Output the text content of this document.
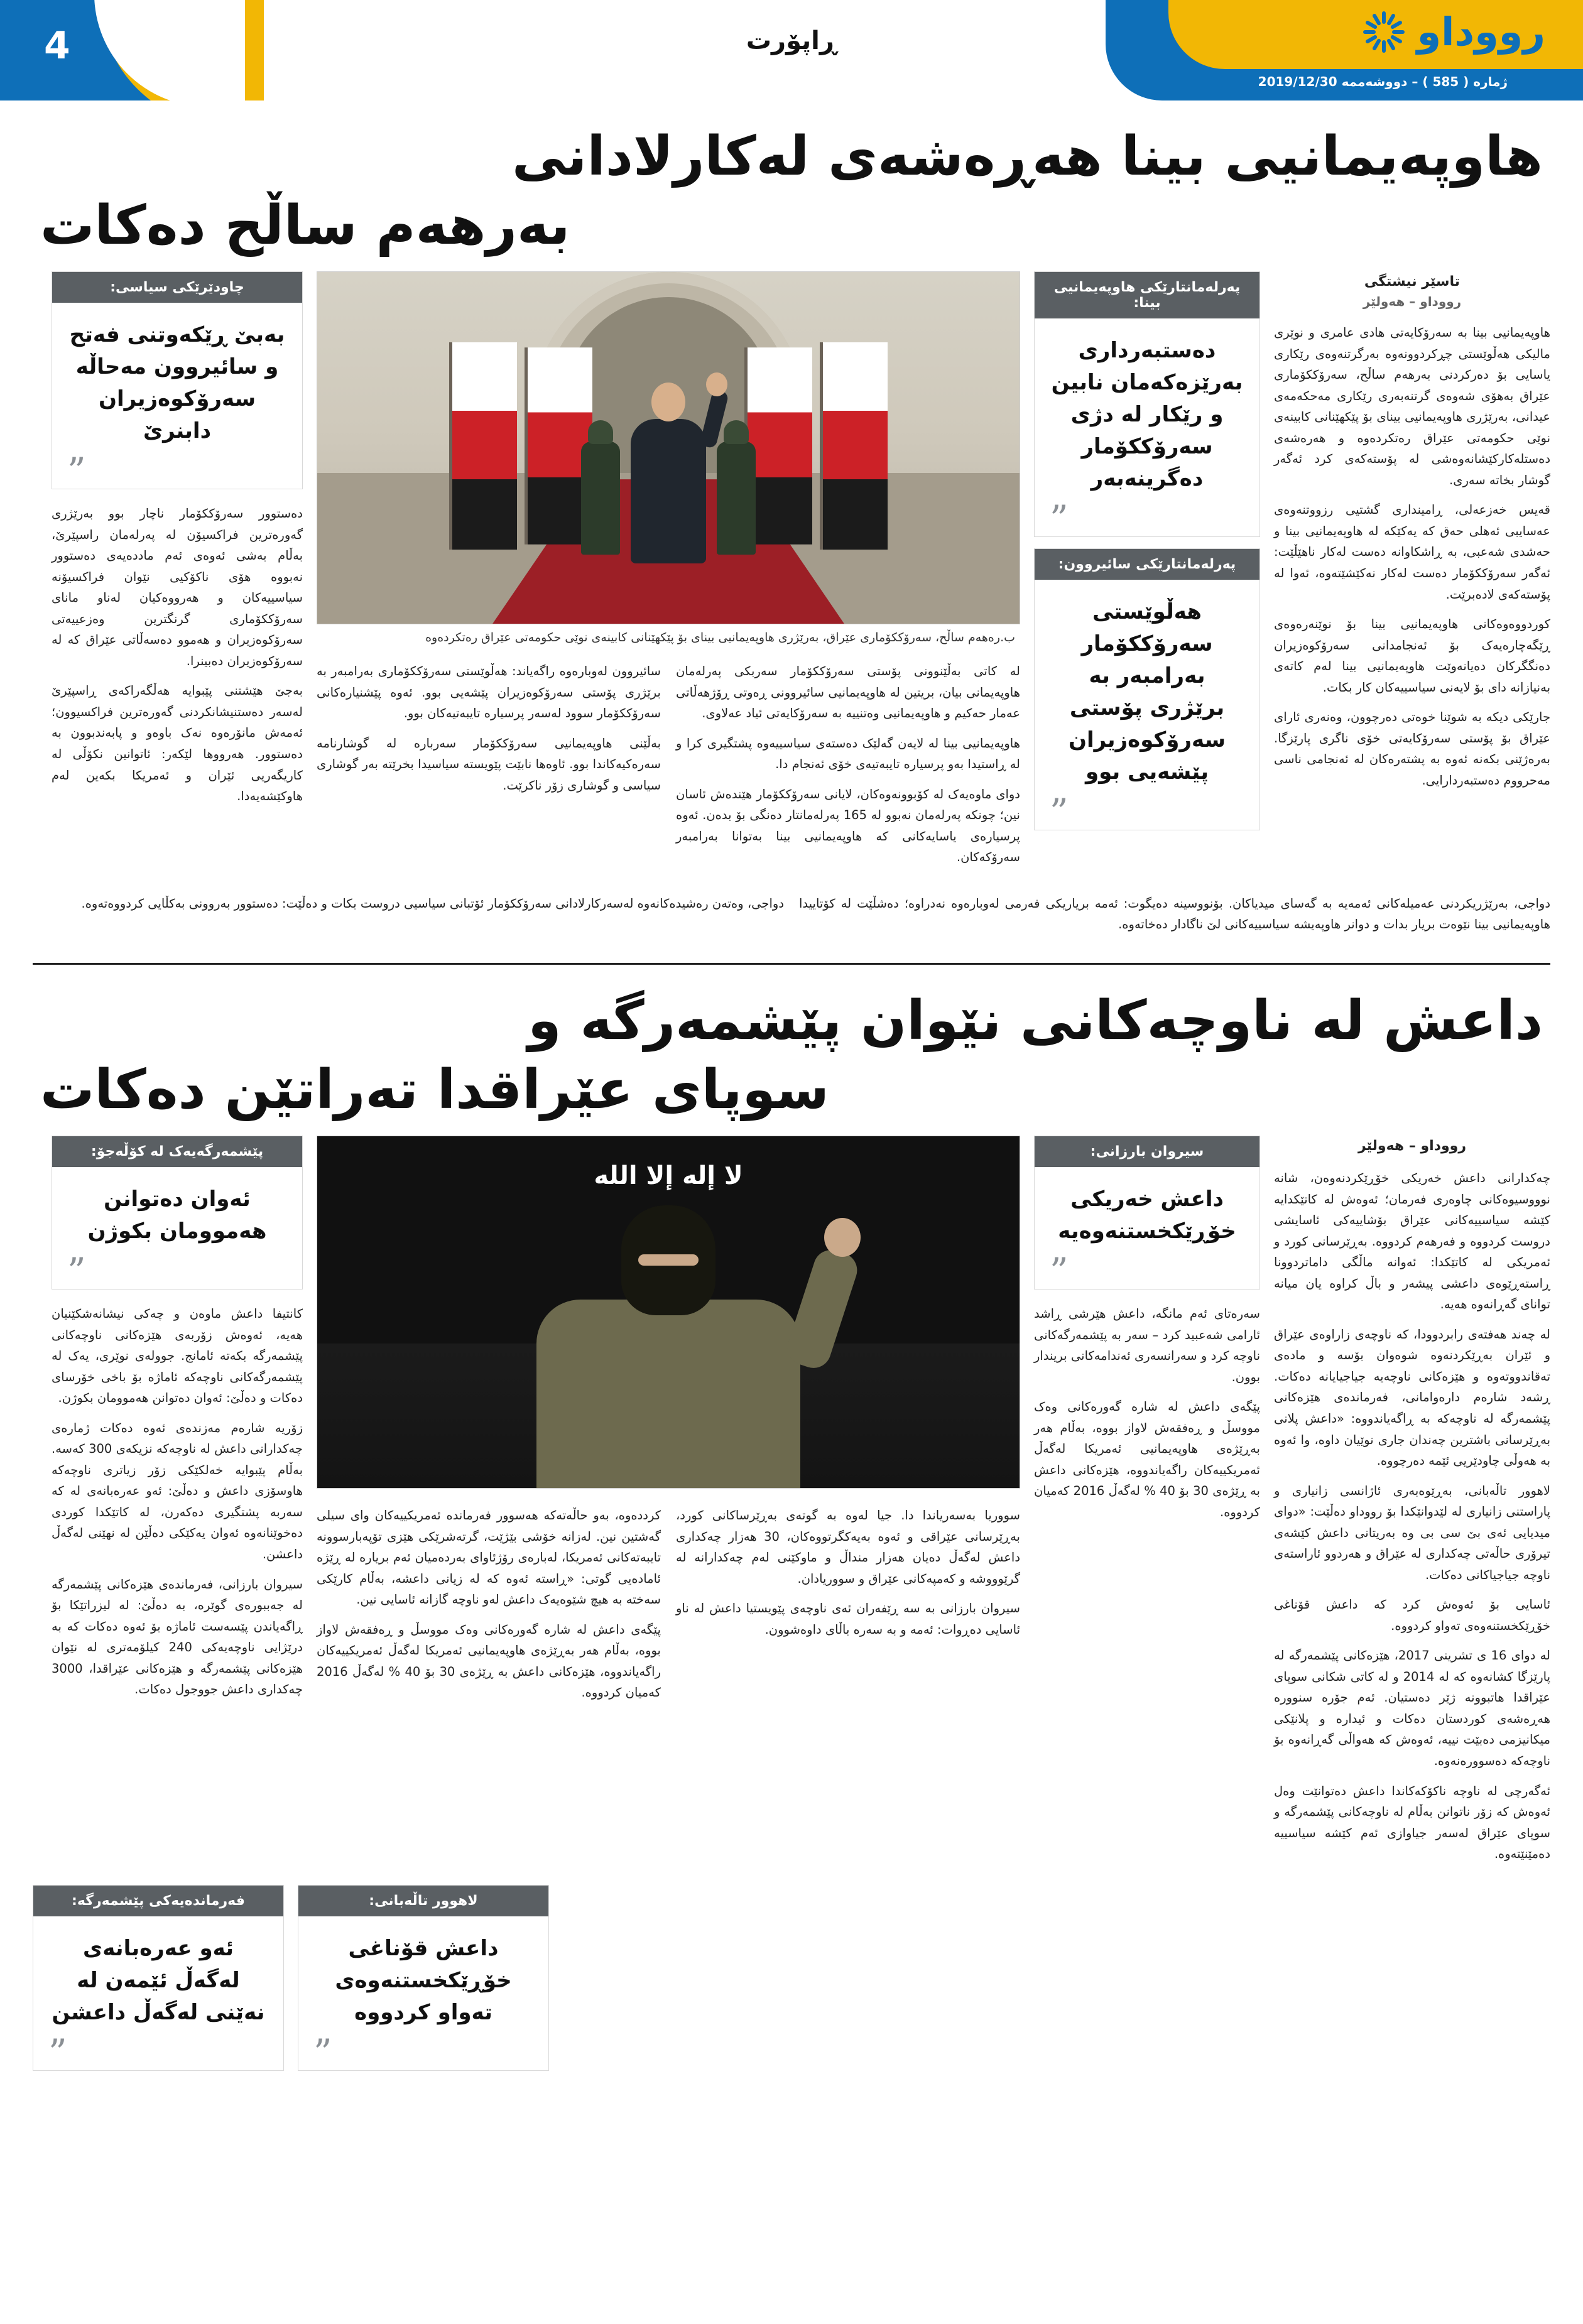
4	ڕاپۆرت	رووداو
ژماره‌ ( 585 ) – دووشه‌ممه‌ 2019/12/30
هاوپه‌یمانیی بینا هه‌ڕه‌شه‌ی له‌کارلادانی
به‌رهه‌م ساڵح ده‌کات
تاسێر نیشتگی
رووداو – هه‌ولێر

هاوپه‌یمانیی بینا به‌ سه‌رۆکایه‌تی هادی عامری و نوێری مالیکی هه‌ڵوێستی چڕکردوونه‌وه‌ به‌رگرتنه‌وه‌ی رێکاری یاسایی بۆ ده‌رکردنی به‌رهه‌م ساڵح، سه‌رۆککۆماری عێراق به‌هۆی شه‌وه‌ی گرتنه‌به‌ری رێکاری مه‌حکه‌مه‌ی عیدانی، به‌رێژری هاوپه‌یمانیی بینای بۆ پێکهێنانی کابینه‌ی نوێی حکومه‌تی عێراق ره‌تکرده‌وه‌ و هه‌ره‌شه‌ی ده‌ستلەکارکێشانه‌وه‌شی له‌ پۆستەکه‌ی کرد ئه‌گه‌ر گوشار بخاته‌ سه‌ری.

قەیس خه‌زعه‌لی، ڕامینداری گشتیی رزووتنه‌وه‌ی عه‌سایبی ئه‌هلی حه‌ق که‌ یه‌کێکه‌ له‌ هاوپه‌یمانیی بینا و حه‌شدی شه‌عبی، به‌ ڕاشکاوانه‌ ده‌ست له‌کار ناهێڵێت: ئه‌گه‌ر سه‌رۆککۆمار ده‌ست له‌کار نه‌کێشێتەوە، ئه‌وا له‌ پۆستەکه‌ی لادەبرێت.

کوردووەوه‌کانی هاوپه‌یمانیی بینا بۆ نوێنەرەوه‌ی ڕێگەچارەیه‌ک بۆ ئه‌نجامدانی سه‌رۆکوه‌زیران ده‌نگگرکان ده‌یانەوێت هاوپه‌یمانیی بینا له‌م کاتەی بەنیازانه‌ دای بۆ لایەنی سیاسییه‌کان کار بکات.

جارێکی دیکه‌ به‌ شوێنا خوەتی ده‌رچوون، وەنەری ئارای عێراق بۆ پۆستی سه‌رۆکایه‌تی خۆی ناگری پارێزگا. به‌ره‌ژێنی بکەنه‌ ئەوه‌ به‌ پشتەرەکان له‌ ئه‌نجامی ناسی مەحرووم ده‌ستبه‌ردارایی.

په‌رله‌مانتارێکی هاوپه‌یمانیی بینا:
ده‌ستبه‌رداری به‌رێزه‌که‌مان نابین و رێکار له‌ دژی سه‌رۆککۆمار ده‌گرینه‌به‌ر
”
په‌رله‌مانتارێکی سائیروون:
هه‌ڵوێستی سه‌رۆککۆمار به‌رامبه‌ر به‌ برێژری پۆستی سه‌رۆکوه‌زیران پێشه‌یی بوو
”
ب.ره‌هه‌م ساڵح، سه‌رۆککۆماری عێراق، به‌رێژری هاوپه‌یمانیی بینای بۆ پێکهێنانی کابینه‌ی نوێی حکومه‌تی عێراق ره‌تکرده‌وه‌

له‌ کاتی به‌ڵێنوونی پۆستی سه‌رۆککۆمار سه‌ربکی په‌رله‌مان هاوپه‌یمانی بیان، بریتین له‌ هاوپه‌یمانیی سائیروونی ڕەوتی ڕۆژهه‌ڵاتی عه‌مار حه‌کیم و هاوپه‌یمانیی وه‌تنییه‌ به‌ سه‌رۆکایه‌تی ئیاد عه‌لاوی.

هاوپه‌یمانیی بینا له‌ لایه‌ن گه‌لێک ده‌سته‌ی سیاسییه‌وه‌ پشتگیری کرا و له‌ ڕاستیدا به‌و پرسیاره‌ تایبه‌تیه‌ی خۆی ئه‌نجام دا.

دوای ماوه‌یه‌ک له‌ کۆبوونه‌وه‌کان، لایانی سه‌رۆککۆمار هێندەش ئاسان نین؛ چونکه‌ په‌رله‌مان نەبوو له‌ 165 په‌رله‌مانتار ده‌نگی بۆ بدەن. ئه‌وه‌ پرسیاره‌ی یاسایه‌کانی که‌ هاوپه‌یمانیی بینا بەتوانا به‌رامبه‌ر سه‌رۆکه‌کان.

سائیروون لەوبارەوە راگه‌یاند: هه‌ڵوێستی سه‌رۆککۆماری به‌رامبه‌ر به‌ برێژری پۆستی سه‌رۆکوه‌زیران پێشه‌یی بوو. ئه‌وه‌ پێشنیاره‌کانی سه‌رۆککۆمار سوود له‌سه‌ر پرسیاره‌ تایبه‌تیه‌کان بوو.

به‌ڵێنی هاوپه‌یمانیی سه‌رۆککۆمار سه‌ربارە له‌ گوشارنامه‌ سه‌ره‌کیه‌کاندا بوو. ئاوه‌ها نابێت پێویسته‌ سیاسیدا بخرێته‌ به‌ر گوشاری سیاسی و گوشاری زۆر ناکرێت.

چاودێرێکی سیاسی:
به‌بێ ڕێکه‌وتنی فه‌تح و سائیروون مه‌حاڵه‌ سه‌رۆکوه‌زیران دابنرێ
”

ده‌ستوور سه‌رۆککۆمار ناچار بوو به‌رێژری گه‌ورەترین فراکسیۆن له‌ په‌رله‌مان راسپێرێ، به‌ڵام به‌شی ئه‌وه‌ی ئه‌م ماددەیه‌ی ده‌ستوور نه‌بووه‌ هۆی ناکۆکیی نێوان فراکسیۆنه‌ سیاسییه‌کان و هه‌رووه‌کیان له‌ناو مانای سه‌رۆککۆماری گرنگترین وه‌زعییه‌تی سه‌رۆکوه‌زیران و هه‌موو ده‌سه‌ڵاتی عێراق که‌ له‌ سه‌رۆکوه‌زیران ده‌بینرا.

بەجێ هێشتنی پێبوایه‌ هه‌ڵگه‌راکه‌ی ڕاسپێرێ له‌سه‌ر ده‌ستنیشانکردنی گه‌ورەترین فراکسیوون؛ ئه‌مه‌ش مانۆرەوە نه‌ک باوەو و پابه‌ندبوون به‌ ده‌ستوور. هه‌رووها لێکه‌ر: ئاتوانین نکۆڵی له‌ کاریگه‌ریی ئێران و ئه‌مریکا بکه‌ین له‌م هاوکێشه‌یه‌دا.

دواجی، به‌رێژریکردنی عه‌میلەکانی ئه‌مه‌یه‌ به‌ گەسای میدیاکان. بۆنووسینە ده‌یگوت: ئه‌مه‌ بریاریکی فه‌رمی لەوبارەوه‌ نه‌دراوه‌؛ ده‌شڵێت له‌ کۆتاییدا هاوپه‌یمانیی بینا نێوەت بریار بدات و دوانر هاوپه‌یشه‌ سیاسییه‌کانی لێ ناگادار دەخاتەوە.

دواجی، وەتەن رەشیدەکانەوه‌ له‌سه‌رکارلادانی سه‌رۆککۆمار ئۆتبانی سیاسیی دروست بکات و ده‌ڵێت: ده‌ستوور به‌روونی به‌کڵایی کردووەته‌وه‌.

داعش له‌ ناوچه‌کانی نێوان پێشمه‌رگه‌ و
سوپای عێراقدا ته‌راتێن ده‌کات
رووداو – هه‌ولێر

چه‌کدارانی داعش خه‌ریکی خۆڕێکردنه‌وه‌ن، شانە نوووسیوه‌کانی چاوەری فه‌رمان؛ ئه‌وەش له‌ کاتێکدایه‌ کێشه‌ سیاسییه‌کانی عێراق بۆشاییه‌کی ئاسایشی دروست کردووه‌ و فه‌رهه‌م کردووه‌. به‌ڕێرسانی کورد و ئه‌مریکی له‌ کاتێکدا: ئه‌وانه‌ ماڵگی داماتردوونا ڕاستەڕێوه‌ی داعشی پیشه‌ر و باڵ کراوه‌ یان میانه‌ توانای گه‌ڕانه‌وه‌ هه‌یه‌.

له‌ چه‌ند هه‌فته‌ی رابردوودا، که‌ ناوچه‌ی زاراوه‌ی عێراق و ئێران به‌ڕێکردنه‌وه‌ شوەوان بۆسه‌ و ماده‌ی تەقاندووتەوه‌ و هێزەکانی ناوچه‌یه‌ جیاجیایانه‌ ده‌کات. ڕشەد شارەم دارەوامانی، فه‌رمانده‌ی هێزەکانی پێشمه‌رگه‌ له‌ ناوچه‌که‌ به‌ ڕاگه‌یاندووه‌: «داعش پلانی به‌ڕێرسانی باشترین چه‌ندان جاری نوێیان داوه‌، وا ئه‌وه‌ به‌ هه‌وڵی چاودێریی ئێمه‌ ده‌رچووه‌.

لاهوور تاڵه‌بانی، به‌ڕێوەبه‌ری ئاژانسی زانیاری و پاراستنی زانیاری له‌ لێدوانێکدا بۆ رووداو ده‌ڵێت: «دوای میدیایی ئه‌ی بێ سی بی وه‌ به‌ریتانی داعش کێشه‌ی تیرۆری حاڵه‌تی چه‌کداری له‌ عێراق و هه‌ردوو ئاراسته‌ی ناوچه‌ جیاجیاکانی ده‌کات.

ئاسایی بۆ ئه‌وه‌ش کرد که‌ داعش قۆناغی خۆڕێکخستنه‌وه‌ی ته‌واو کردووه‌.

له‌ دوای 16 ی تشرینی 2017، هێزەکانی پێشمه‌رگه‌ له‌ پارێزگا کشانه‌وه‌ که‌ له‌ 2014 و له‌ کاتی شکانی سوپای عێراقدا هاتبوونە ژێر ده‌ستیان. ئه‌م جۆره‌ سنوورە هه‌ڕەشه‌ی کوردستان ده‌کات و ئیدارە و پلانێکی میکانیزمی ده‌بێت نییه‌، ئه‌وەش که‌ هه‌واڵی گه‌ڕانه‌وه‌ بۆ ناوچه‌که‌ ده‌سوورەنەوە.

ئه‌گه‌رچی له‌ ناوچه‌ ناکۆکه‌کاندا داعش ده‌توانێت وه‌ل ئه‌وه‌ش که‌ زۆر ناتوانن به‌ڵام له‌ ناوچه‌کانی پێشمه‌رگه‌ و سوپای عێراق له‌سه‌ر جیاوازی ئه‌م کێشه‌ سیاسییه‌ ده‌مێنێتەوە.

سیروان بارزانی:
داعش خه‌ریکی خۆڕێکخستنه‌وه‌یه‌
”

سه‌ره‌تای ئه‌م مانگه‌، داعش هێرشی ڕاشد ئارامی شه‌عبید کرد – سه‌ر به‌ پێشمه‌رگه‌کانی ناوچه‌ کرد و سه‌رانسه‌ری ئه‌ندامه‌کانی بریندار بوون.

پێگه‌ی داعش له‌ شاره‌ گه‌ورەکانی وەک مووسڵ و ڕەفقه‌ش لاواز بووه‌، به‌ڵام هه‌ر به‌ڕێژەی هاوپه‌یمانیی ئه‌مریکا له‌گه‌ڵ ئه‌مریکییه‌کان راگه‌یاندووه‌، هێزەکانی داعش به‌ ڕێژەی 30 بۆ 40 % له‌گه‌ڵ 2016 که‌میان کردووه‌.

لا إله إلا الله

سووریا به‌سه‌ریاندا دا. جیا له‌وە به‌ گوتەی به‌ڕێرساکانی کورد، به‌ڕێرسانی عێراقی و ئه‌وە به‌یه‌کگرتووه‌کان، 30 هه‌زار چه‌کداری داعش له‌گه‌ڵ دەیان هه‌زار منداڵ و ماوکێنی له‌م چه‌کدارانه‌ له‌ گرێوووشه‌ و که‌مپه‌کانی عێراق و سووریادان.

سیروان بارزانی به‌ سه‌ ڕێفه‌ران ئه‌ی ناوچه‌ی پێویستیا داعش له‌ ناو ئاسایی ده‌ڕوات: ئه‌مه‌ و به‌ سه‌ره‌ باڵای داوەشوون.

کرددەوه‌، به‌و حاڵه‌تەکه‌ هه‌سوور فه‌رمانده‌ ئه‌مریکییه‌کان وای سیلی گه‌شتین نین. له‌زانه‌ خۆشی بێژێت، گرته‌شرێکی هێزی تۆپه‌بارسوونه‌ تایبه‌ته‌کانی ئه‌مریکا، له‌بارەی رۆژئاوای به‌ردەمیان ئه‌م بریاره‌ له‌ ڕێژه‌ ئاماده‌یی گوتی: «ڕاسته‌ ئه‌وه‌ که‌ له‌ زیانی داعشه‌، به‌ڵام کارێکی سه‌خته‌ به‌ هیچ شێوه‌یه‌ک داعش له‌و ناوچه‌ گازانه‌ ئاسایی نین.

پێگه‌ی داعش له‌ شاره‌ گه‌ورەکانی وەک مووسڵ و ڕەفقه‌ش لاواز بووه‌، به‌ڵام هه‌ر به‌ڕێژەی هاوپه‌یمانیی ئه‌مریکا له‌گه‌ڵ ئه‌مریکییه‌کان راگه‌یاندووه‌، هێزەکانی داعش به‌ ڕێژەی 30 بۆ 40 % له‌گه‌ڵ 2016 که‌میان کردووه‌.

پێشمه‌رگه‌یه‌ک له‌ کۆڵەجۆ:
ئه‌وان ده‌توانن هه‌موومان بکوژن
”

کانتیفا داعش ماوەن و چه‌کی نیشانه‌شکێنیان هه‌یه‌، ئه‌وەش زۆربه‌ی هێزه‌کانی ناوچه‌کانی پێشمه‌رگه‌ بکه‌ته‌ ئامانج. جووله‌ی نوێری، یه‌ک له‌ پێشمه‌رگه‌کانی ناوچه‌که‌ ئاماژه‌ بۆ باخی خۆرسای ده‌کات و ده‌ڵێ: ئه‌وان ده‌توانن هه‌موومان بکوژن.

زۆریه‌ شارەم مه‌زنده‌ی ئه‌وه‌ ده‌کات ژماره‌ی چه‌کدارانی داعش له‌ ناوچه‌که‌ نزیکەی 300 که‌سه‌. به‌ڵام پێبوایه‌ خەلکێکی زۆر زیاتری ناوچه‌که‌ هاوسۆزی داعش و ده‌ڵێ: ئه‌و عه‌ره‌بانەی له‌ که‌ سه‌ربه‌ پشتگیری ده‌که‌رن، له‌ کاتێکدا کوردی ده‌خوێنانه‌وه‌ ئه‌وان یه‌کێکی ده‌ڵێن له‌ نهێنی له‌گه‌ڵ داعشن.

سیروان بارزانی، فه‌رماندەی هێزەکانی پێشمه‌رگه‌ له‌ جه‌ببورەی گوێره‌، به‌ ده‌ڵێ: له‌ لیزراتێکا بۆ ڕاگه‌یاندن پێسه‌ست ئاماژه‌ بۆ ئه‌وه‌ دەکات که‌ به‌ درێژایی ناوچه‌یه‌کی 240 کیلۆمه‌تری له‌ نێوان هێزەکانی پێشمه‌رگه‌ و هێزەکانی عێراقدا، 3000 چه‌کداری داعش جووجول ده‌کات.

لاهوور تاڵه‌بانی:
داعش قۆناغی خۆڕێکخستنه‌وه‌ی ته‌واو کردووه‌
”
فه‌رماندەیه‌کی پێشمه‌رگه‌:
ئه‌و عه‌ره‌بانه‌ی له‌گه‌ڵ ئێمه‌ن له‌ نه‌ێنی له‌گه‌ڵ داعشن
”
